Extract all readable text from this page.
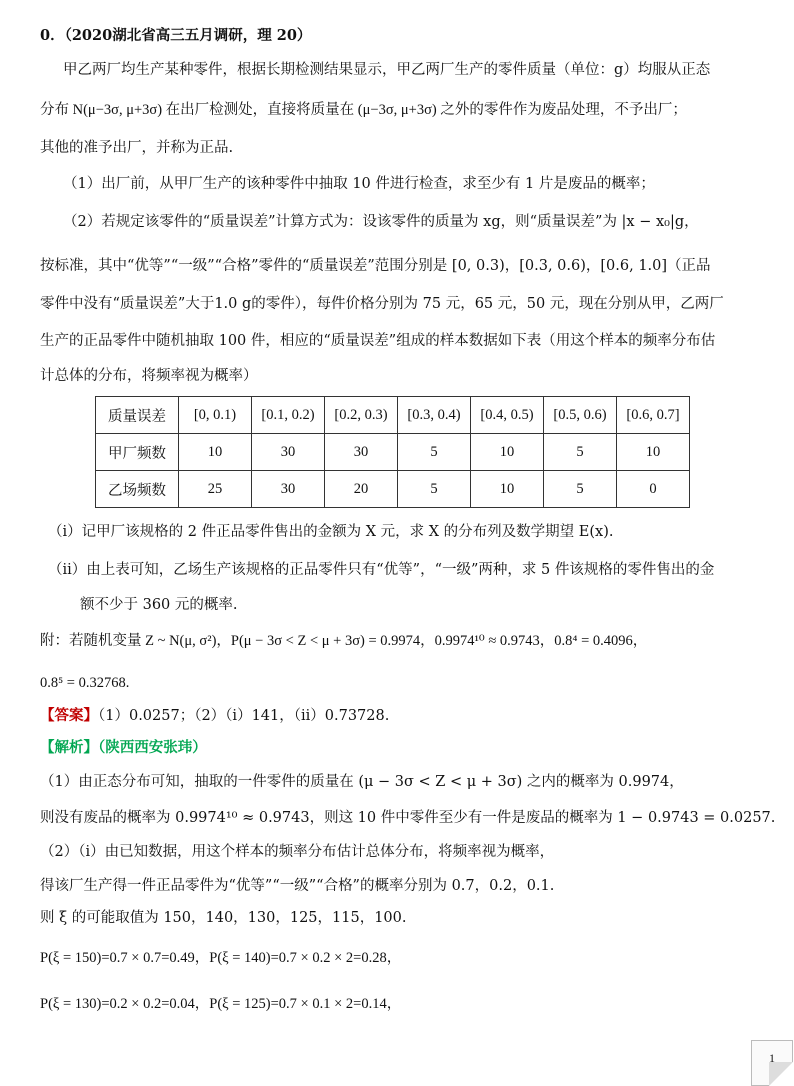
0．（2020湖北省高三五月调研，理 20）
甲乙两厂均生产某种零件，根据长期检测结果显示，甲乙两厂生产的零件质量（单位：g）均服从正态
分布 N(μ−3σ, μ+3σ) 在出厂检测处，直接将质量在 (μ−3σ, μ+3σ) 之外的零件作为废品处理，不予出厂；
其他的准予出厂，并称为正品.
（1）出厂前，从甲厂生产的该种零件中抽取 10 件进行检查，求至少有 1 片是废品的概率；
（2）若规定该零件的“质量误差”计算方式为：设该零件的质量为 xg，则“质量误差”为 |x − x₀|g，
按标准，其中“优等”“一级”“合格”零件的“质量误差”范围分别是 [0, 0.3)，[0.3, 0.6)，[0.6, 1.0]（正品
零件中没有“质量误差”大于1.0 g的零件），每件价格分别为 75 元，65 元，50 元，现在分别从甲，乙两厂
生产的正品零件中随机抽取 100 件，相应的“质量误差”组成的样本数据如下表（用这个样本的频率分布估
计总体的分布，将频率视为概率）
质量误差	[0, 0.1)	[0.1, 0.2)	[0.2, 0.3)	[0.3, 0.4)	[0.4, 0.5)	[0.5, 0.6)	[0.6, 0.7]
甲厂频数	10	30	30	5	10	5	10
乙场频数	25	30	20	5	10	5	0
（ⅰ）记甲厂该规格的 2 件正品零件售出的金额为 X 元，求 X 的分布列及数学期望 E(x).
（ⅱ）由上表可知，乙场生产该规格的正品零件只有“优等”，“一级”两种，求 5 件该规格的零件售出的金
额不少于 360 元的概率.
附：若随机变量 Z ~ N(μ, σ²)，P(μ − 3σ < Z < μ + 3σ) = 0.9974，0.9974¹⁰ ≈ 0.9743，0.8⁴ = 0.4096，
0.8⁵ = 0.32768.
【答案】（1）0.0257；（2）（ⅰ）141，（ⅱ）0.73728.
【解析】（陕西西安张玮）
（1）由正态分布可知，抽取的一件零件的质量在 (μ − 3σ < Z < μ + 3σ) 之内的概率为 0.9974，
则没有废品的概率为 0.9974¹⁰ ≈ 0.9743，则这 10 件中零件至少有一件是废品的概率为 1 − 0.9743 = 0.0257.
（2）（ⅰ）由已知数据，用这个样本的频率分布估计总体分布，将频率视为概率，
得该厂生产得一件正品零件为“优等”“一级”“合格”的概率分别为 0.7，0.2，0.1.
则 ξ 的可能取值为 150，140，130，125，115，100.
P(ξ = 150)=0.7 × 0.7=0.49，P(ξ = 140)=0.7 × 0.2 × 2=0.28，
P(ξ = 130)=0.2 × 0.2=0.04，P(ξ = 125)=0.7 × 0.1 × 2=0.14，
1
